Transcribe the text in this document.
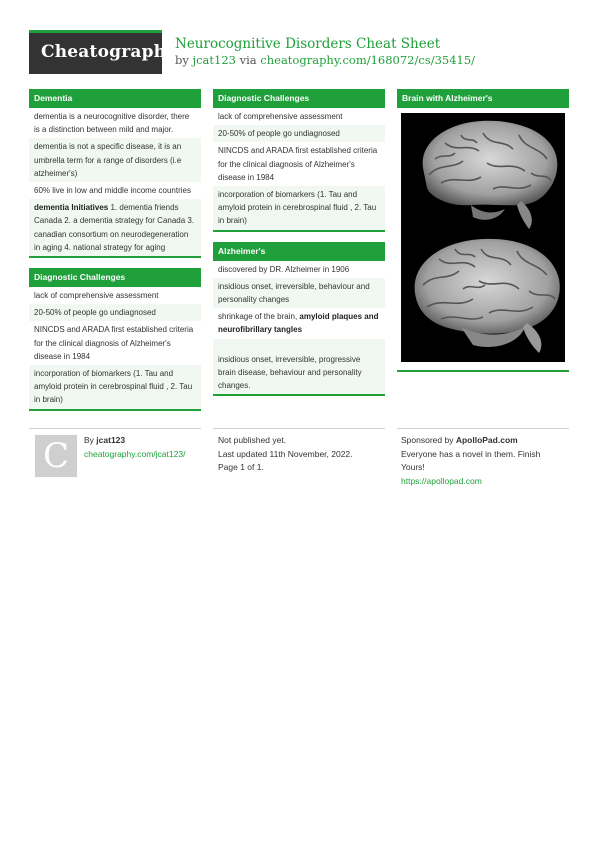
Cheatography
Neurocognitive Disorders Cheat Sheet
by jcat123 via cheatography.com/168072/cs/35415/
Dementia
dementia is a neurocognitive disorder, there is a distinction between mild and major.
dementia is not a specific disease, it is an umbrella term for a range of disorders (i.e atzheimer's)
60% live in low and middle income countries
dementia Initiatives 1. dementia friends Canada 2. a dementia strategy for Canada 3. canadian consortium on neurodegeneration in aging 4. national strategy for aging
Diagnostic Challenges
lack of comprehensive assessment
20-50% of people go undiagnosed
NINCDS and ARADA first established criteria for the clinical diagnosis of Alzheimer's disease in 1984
incorporation of biomarkers (1. Tau and amyloid protein in cerebrospinal fluid , 2. Tau in brain)
Diagnostic Challenges
lack of comprehensive assessment
20-50% of people go undiagnosed
NINCDS and ARADA first established criteria for the clinical diagnosis of Alzheimer's disease in 1984
incorporation of biomarkers (1. Tau and amyloid protein in cerebrospinal fluid , 2. Tau in brain)
Alzheimer's
discovered by DR. Alzheimer in 1906
insidious onset, irreversible, behaviour and personality changes
shrinkage of the brain, amyloid plaques and neurofibrillary tangles
insidious onset, irreversible, progressive brain disease, behaviour and personality changes.
Brain with Alzheimer's
C By jcat123
cheatography.com/jcat123/
Not published yet.
Last updated 11th November, 2022.
Page 1 of 1.
Sponsored by ApolloPad.com
Everyone has a novel in them. Finish Yours!
https://apollopad.com
